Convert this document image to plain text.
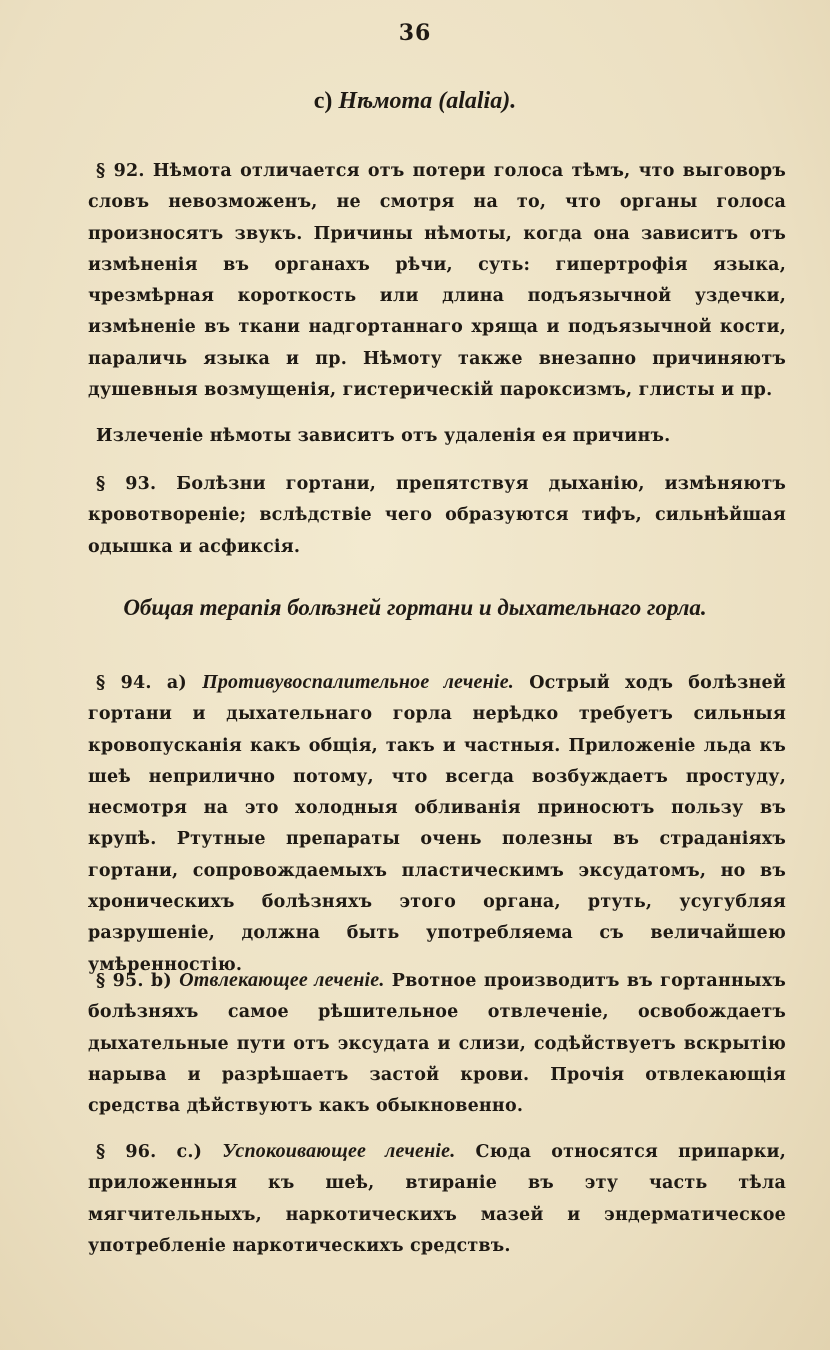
36
c) Нѣмота (alalia).

§ 92. Нѣмота отличается отъ потери голоса тѣмъ, что выговоръ словъ невозможенъ, не смотря на то, что органы голоса произносятъ звукъ. Причины нѣмоты, когда она зависитъ отъ измѣненія въ органахъ рѣчи, суть: гипертрофія языка, чрезмѣрная короткость или длина подъязычной уздечки, измѣненіе въ ткани надгортаннаго хряща и подъязычной кости, параличь языка и пр. Нѣмоту также внезапно причиняютъ душевныя возмущенія, гистерическій пароксизмъ, глисты и пр.

Излеченіе нѣмоты зависитъ отъ удаленія ея причинъ.

§ 93. Болѣзни гортани, препятствуя дыханію, измѣняютъ кровотвореніе; вслѣдствіе чего образуются тифъ, сильнѣйшая одышка и асфиксія.

Общая терапія болѣзней гортани и дыхательнаго горла.

§ 94. a) Противувоспалительное леченіе. Острый ходъ болѣзней гортани и дыхательнаго горла нерѣдко требуетъ сильныя кровопусканія какъ общія, такъ и частныя. Приложеніе льда къ шеѣ неприлично потому, что всегда возбуждаетъ простуду, несмотря на это холодныя обливанія приносютъ пользу въ крупѣ. Ртутные препараты очень полезны въ страданіяхъ гортани, сопровождаемыхъ пластическимъ эксудатомъ, но въ хроническихъ болѣзняхъ этого органа, ртуть, усугубляя разрушеніе, должна быть употребляема съ величайшею умѣренностію.

§ 95. b) Отвлекающее леченіе. Рвотное производитъ въ гортанныхъ болѣзняхъ самое рѣшительное отвлеченіе, освобождаетъ дыхательные пути отъ эксудата и слизи, содѣйствуетъ вскрытію нарыва и разрѣшаетъ застой крови. Прочія отвлекающія средства дѣйствуютъ какъ обыкновенно.

§ 96. c.) Успокоивающее леченіе. Сюда относятся припарки, приложенныя къ шеѣ, втираніе въ эту часть тѣла мягчительныхъ, наркотическихъ мазей и эндерматическое употребленіе наркотическихъ средствъ.
